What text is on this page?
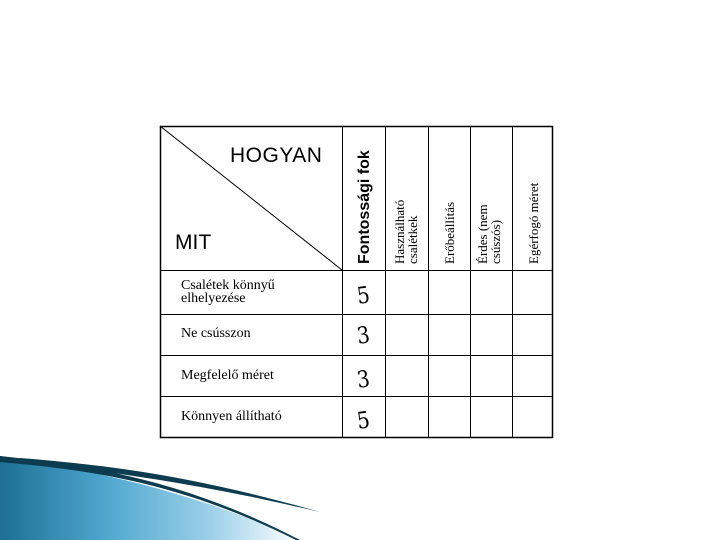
HOGYAN
MIT	Fontossági fok Használható
csalétkek Erőbeállítás Érdes (nem
csúszós) Egérfogó méret
Csalétek könnyű
elhelyezése
Ne csússzon
Megfelelő méret
Könnyen állítható
5
3
3
5
